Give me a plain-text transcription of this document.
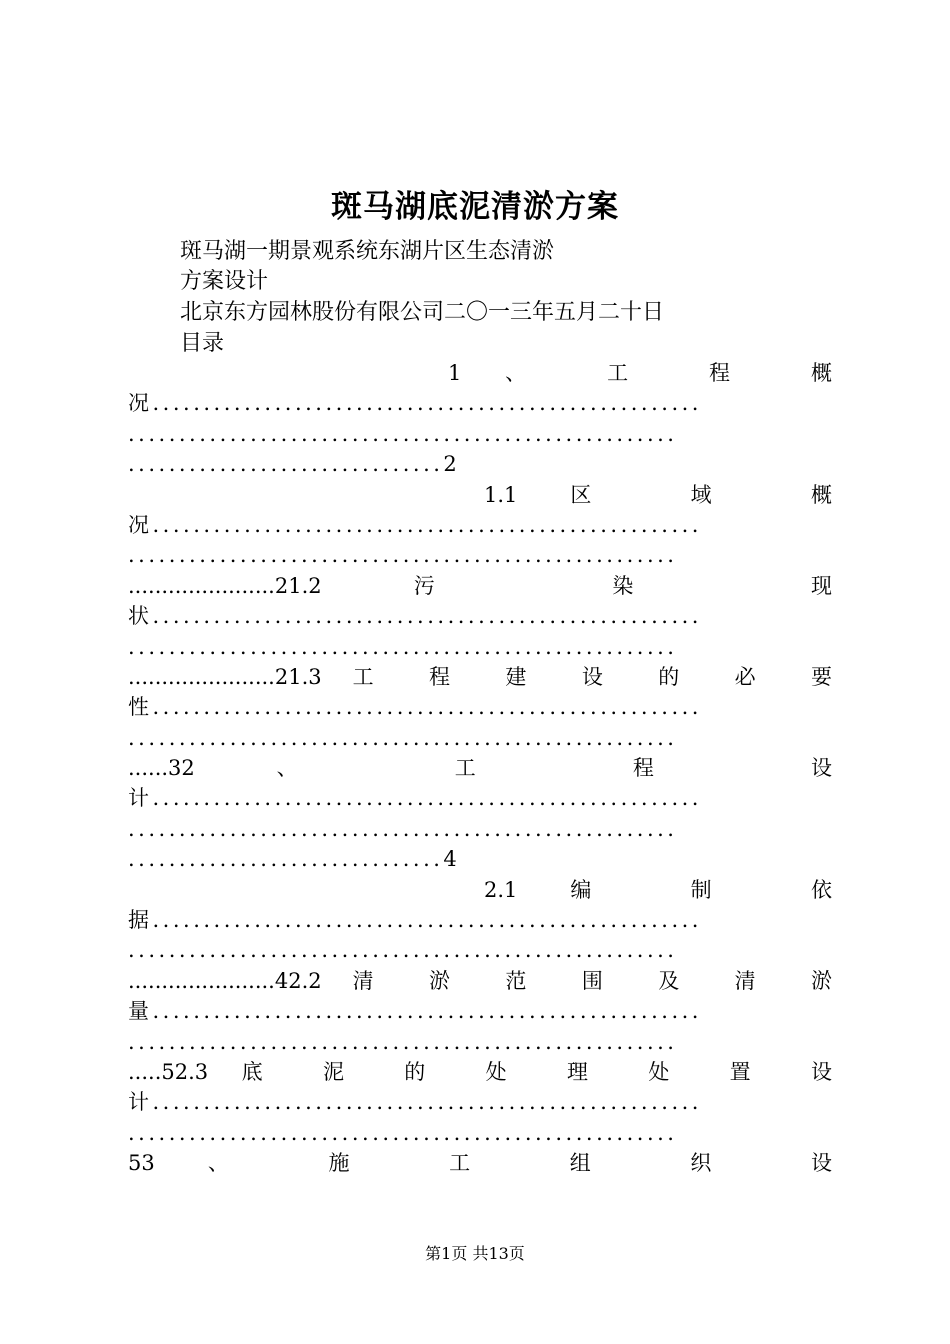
斑马湖底泥清淤方案
斑马湖一期景观系统东湖片区生态清淤
方案设计
北京东方园林股份有限公司二〇一三年五月二十日
目录
1 、 工 程 概
况......................................................
......................................................
...............................2
1.1 区 域 概
况......................................................
......................................................
......................21.2 污 染 现
状......................................................
......................................................
......................21.3 工 程 建 设 的 必 要
性......................................................
......................................................
......32 、 工 程 设
计......................................................
......................................................
...............................4
2.1 编 制 依
据......................................................
......................................................
......................42.2 清 淤 范 围 及 清 淤
量......................................................
......................................................
.....52.3 底 泥 的 处 理 处 置 设
计......................................................
......................................................
53 、 施 工 组 织 设
第1页 共13页
